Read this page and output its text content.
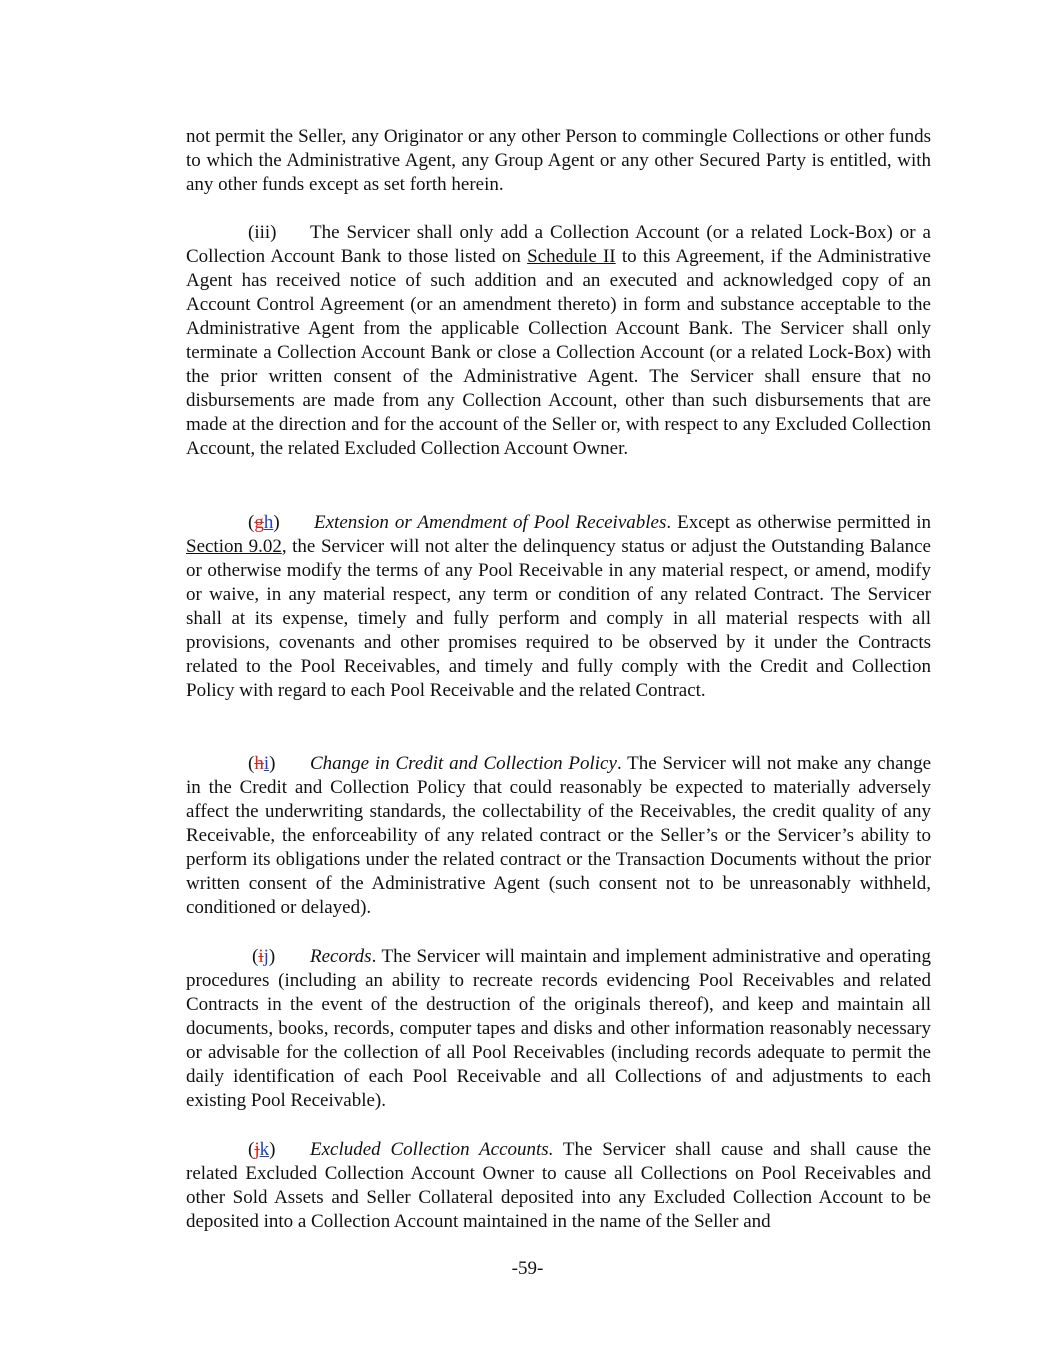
not permit the Seller, any Originator or any other Person to commingle Collections or other funds to which the Administrative Agent, any Group Agent or any other Secured Party is entitled, with any other funds except as set forth herein.

(iii) The Servicer shall only add a Collection Account (or a related Lock-Box) or a Collection Account Bank to those listed on Schedule II to this Agreement, if the Administrative Agent has received notice of such addition and an executed and acknowledged copy of an Account Control Agreement (or an amendment thereto) in form and substance acceptable to the Administrative Agent from the applicable Collection Account Bank. The Servicer shall only terminate a Collection Account Bank or close a Collection Account (or a related Lock-Box) with the prior written consent of the Administrative Agent. The Servicer shall ensure that no disbursements are made from any Collection Account, other than such disbursements that are made at the direction and for the account of the Seller or, with respect to any Excluded Collection Account, the related Excluded Collection Account Owner.

(gh) Extension or Amendment of Pool Receivables. Except as otherwise permitted in Section 9.02, the Servicer will not alter the delinquency status or adjust the Outstanding Balance or otherwise modify the terms of any Pool Receivable in any material respect, or amend, modify or waive, in any material respect, any term or condition of any related Contract. The Servicer shall at its expense, timely and fully perform and comply in all material respects with all provisions, covenants and other promises required to be observed by it under the Contracts related to the Pool Receivables, and timely and fully comply with the Credit and Collection Policy with regard to each Pool Receivable and the related Contract.

(hi) Change in Credit and Collection Policy. The Servicer will not make any change in the Credit and Collection Policy that could reasonably be expected to materially adversely affect the underwriting standards, the collectability of the Receivables, the credit quality of any Receivable, the enforceability of any related contract or the Seller’s or the Servicer’s ability to perform its obligations under the related contract or the Transaction Documents without the prior written consent of the Administrative Agent (such consent not to be unreasonably withheld, conditioned or delayed).

(ij) Records. The Servicer will maintain and implement administrative and operating procedures (including an ability to recreate records evidencing Pool Receivables and related Contracts in the event of the destruction of the originals thereof), and keep and maintain all documents, books, records, computer tapes and disks and other information reasonably necessary or advisable for the collection of all Pool Receivables (including records adequate to permit the daily identification of each Pool Receivable and all Collections of and adjustments to each existing Pool Receivable).

(jk) Excluded Collection Accounts. The Servicer shall cause and shall cause the related Excluded Collection Account Owner to cause all Collections on Pool Receivables and other Sold Assets and Seller Collateral deposited into any Excluded Collection Account to be deposited into a Collection Account maintained in the name of the Seller and

-59-
